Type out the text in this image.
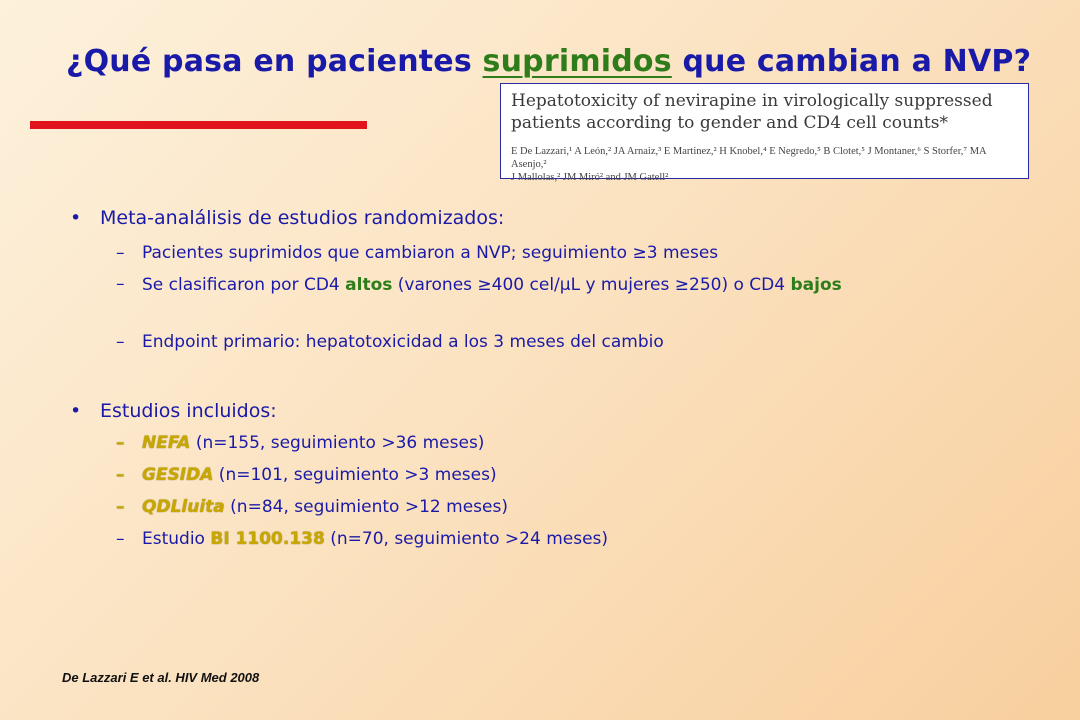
¿Qué pasa en pacientes suprimidos que cambian a NVP?
Hepatotoxicity of nevirapine in virologically suppressed
patients according to gender and CD4 cell counts*
E De Lazzari,¹ A León,² JA Arnaiz,³ E Martinez,² H Knobel,⁴ E Negredo,⁵ B Clotet,⁵ J Montaner,⁶ S Storfer,⁷ MA Asenjo,²
J Mallolas,² JM Miró² and JM Gatell²
• Meta-analálisis de estudios randomizados:
– Pacientes suprimidos que cambiaron a NVP; seguimiento ≥3 meses
– Se clasificaron por CD4 altos (varones ≥400 cel/μL y mujeres ≥250) o CD4 bajos
– Endpoint primario: hepatotoxicidad a los 3 meses del cambio
• Estudios incluidos:
– NEFA (n=155, seguimiento >36 meses)
– GESIDA (n=101, seguimiento >3 meses)
– QDLluita (n=84, seguimiento >12 meses)
– Estudio BI 1100.138 (n=70, seguimiento >24 meses)
De Lazzari E et al. HIV Med 2008
